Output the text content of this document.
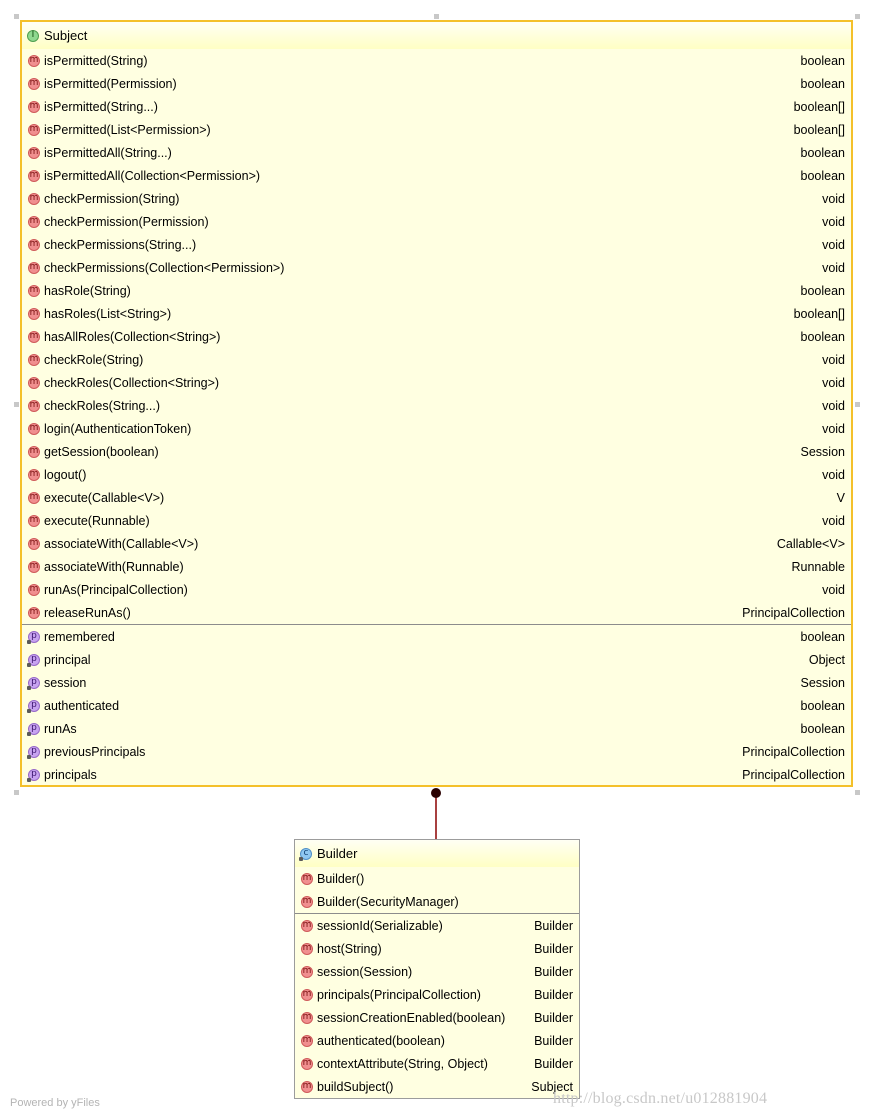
I Subject
m isPermitted(String)	boolean
m isPermitted(Permission)	boolean
m isPermitted(String...)	boolean[]
m isPermitted(List<Permission>)	boolean[]
m isPermittedAll(String...)	boolean
m isPermittedAll(Collection<Permission>)	boolean
m checkPermission(String)	void
m checkPermission(Permission)	void
m checkPermissions(String...)	void
m checkPermissions(Collection<Permission>)	void
m hasRole(String)	boolean
m hasRoles(List<String>)	boolean[]
m hasAllRoles(Collection<String>)	boolean
m checkRole(String)	void
m checkRoles(Collection<String>)	void
m checkRoles(String...)	void
m login(AuthenticationToken)	void
m getSession(boolean)	Session
m logout()	void
m execute(Callable<V>)	V
m execute(Runnable)	void
m associateWith(Callable<V>)	Callable<V>
m associateWith(Runnable)	Runnable
m runAs(PrincipalCollection)	void
m releaseRunAs()	PrincipalCollection
p remembered	boolean
p principal	Object
p session	Session
p authenticated	boolean
p runAs	boolean
p previousPrincipals	PrincipalCollection
p principals	PrincipalCollection
c Builder
m Builder()
m Builder(SecurityManager)
m sessionId(Serializable)	Builder
m host(String)	Builder
m session(Session)	Builder
m principals(PrincipalCollection)	Builder
m sessionCreationEnabled(boolean) Builder
m authenticated(boolean)	Builder
m contextAttribute(String, Object)	Builder
m buildSubject()	Subject
Powered by yFiles	http://blog.csdn.net/u012881904
